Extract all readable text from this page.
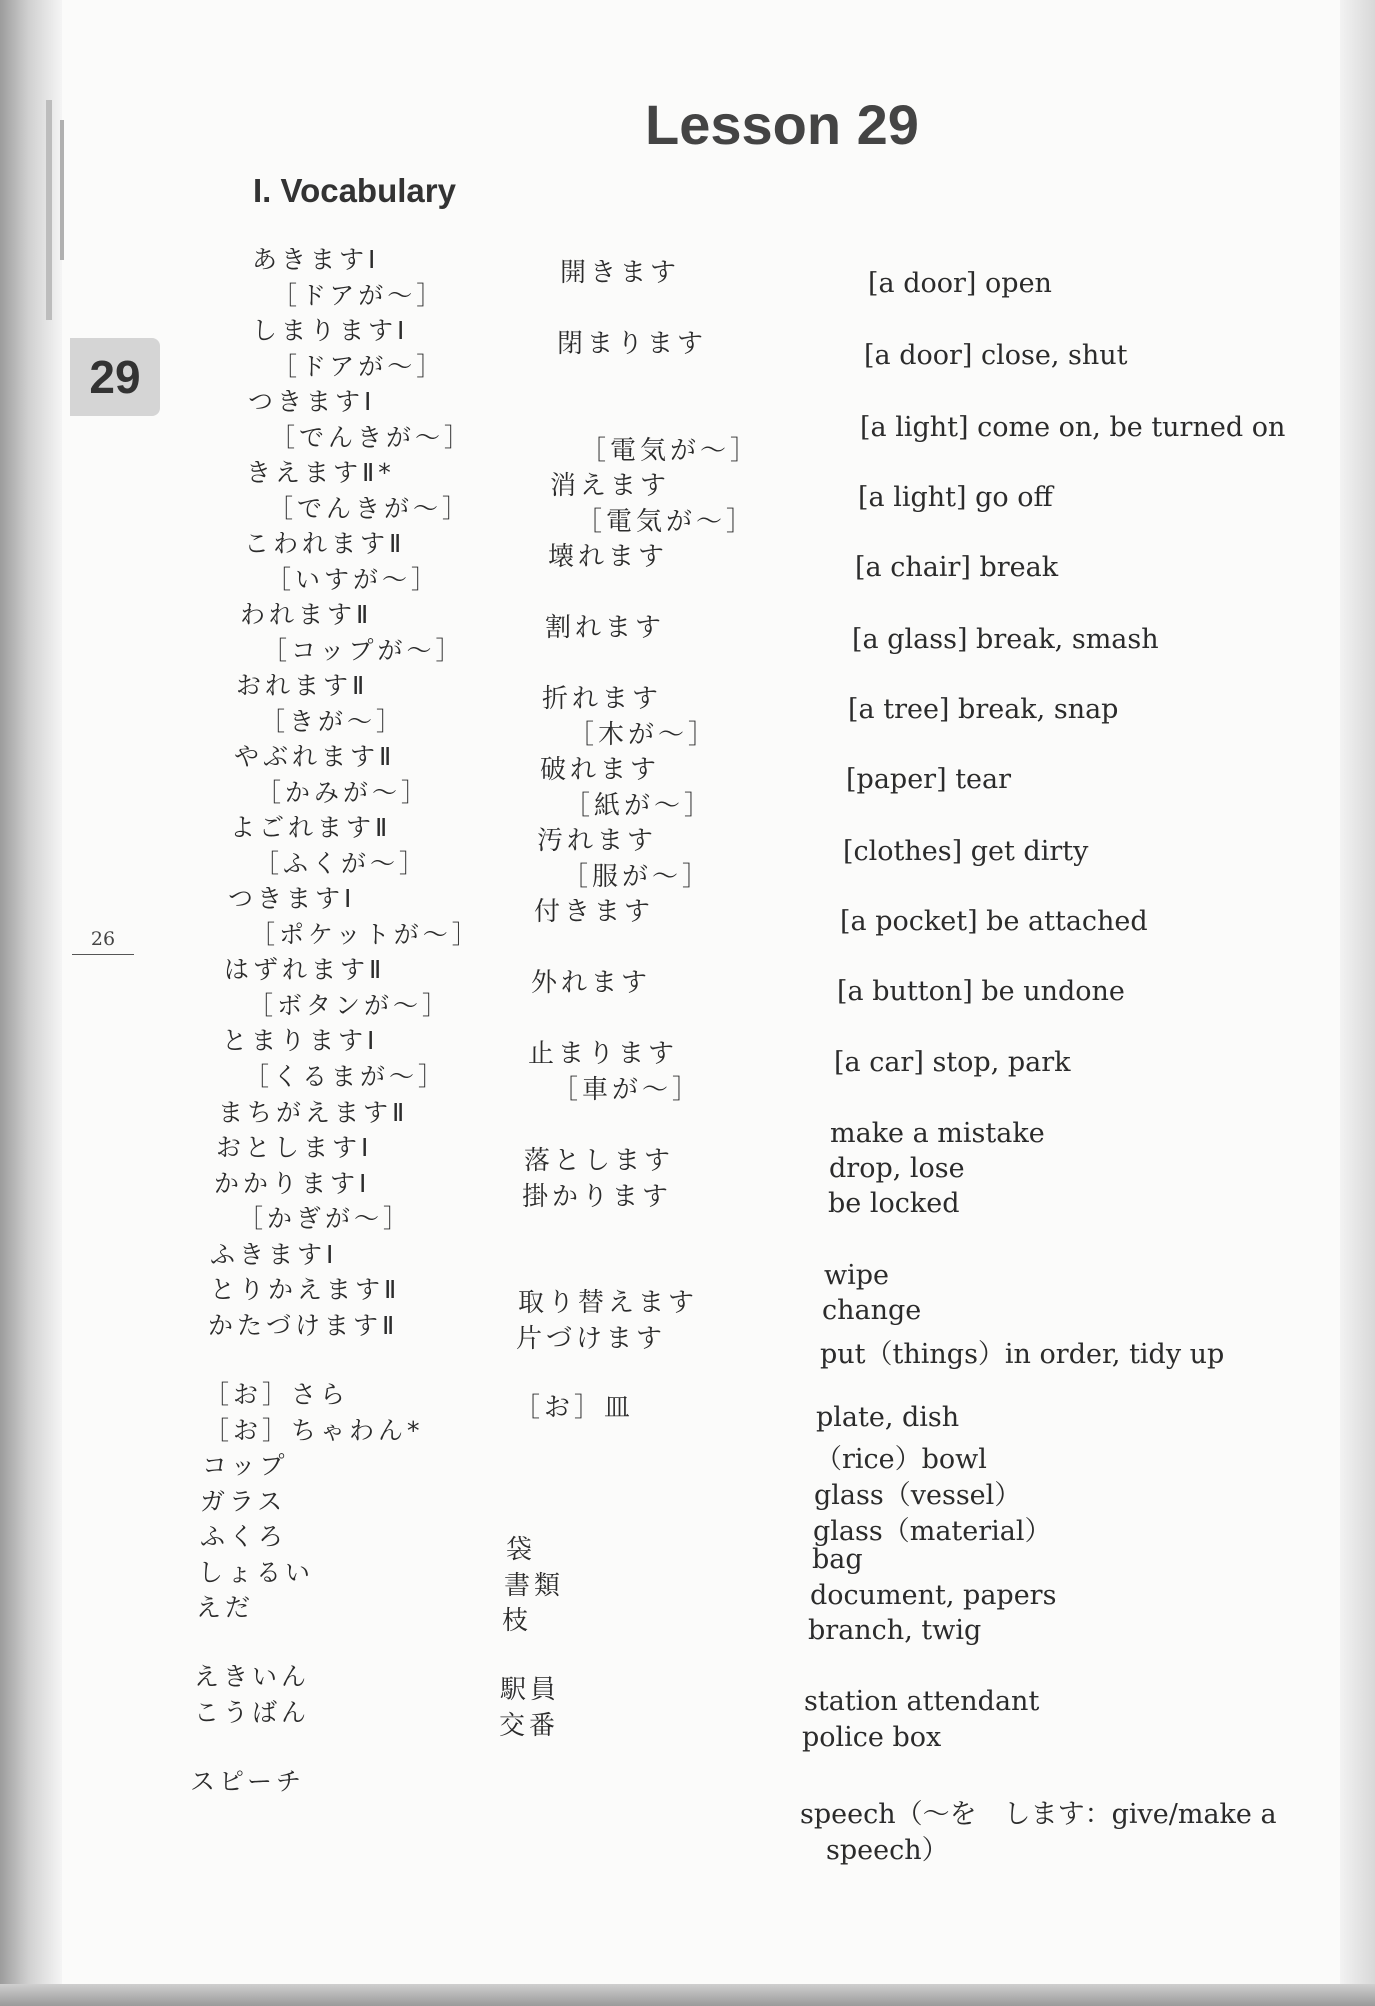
Lesson 29
I. Vocabulary
29
26
あきますⅠ
［ドアが～］
しまりますⅠ
［ドアが～］
つきますⅠ
［でんきが～］
きえますⅡ*
［でんきが～］
こわれますⅡ
［いすが～］
われますⅡ
［コップが～］
おれますⅡ
［きが～］
やぶれますⅡ
［かみが～］
よごれますⅡ
［ふくが～］
つきますⅠ
［ポケットが～］
はずれますⅡ
［ボタンが～］
とまりますⅠ
［くるまが～］
まちがえますⅡ
おとしますⅠ
かかりますⅠ
［かぎが～］
ふきますⅠ
とりかえますⅡ
かたづけますⅡ
［お］さら
［お］ちゃわん*
コップ
ガラス
ふくろ
しょるい
えだ
えきいん
こうばん
スピーチ
開きます
閉まります
［電気が～］
消えます
［電気が～］
壊れます
割れます
折れます
［木が～］
破れます
［紙が～］
汚れます
［服が～］
付きます
外れます
止まります
［車が～］
落とします
掛かります
取り替えます
片づけます
［お］皿
袋
書類
枝
駅員
交番
[a door] open
[a door] close, shut
[a light] come on, be turned on
[a light] go off
[a chair] break
[a glass] break, smash
[a tree] break, snap
[paper] tear
[clothes] get dirty
[a pocket] be attached
[a button] be undone
[a car] stop, park
make a mistake
drop, lose
be locked
wipe
change
put（things）in order, tidy up
plate, dish
（rice）bowl
glass（vessel）
glass（material）
bag
document, papers
branch, twig
station attendant
police box
speech（～を　します：give/make a
speech）
